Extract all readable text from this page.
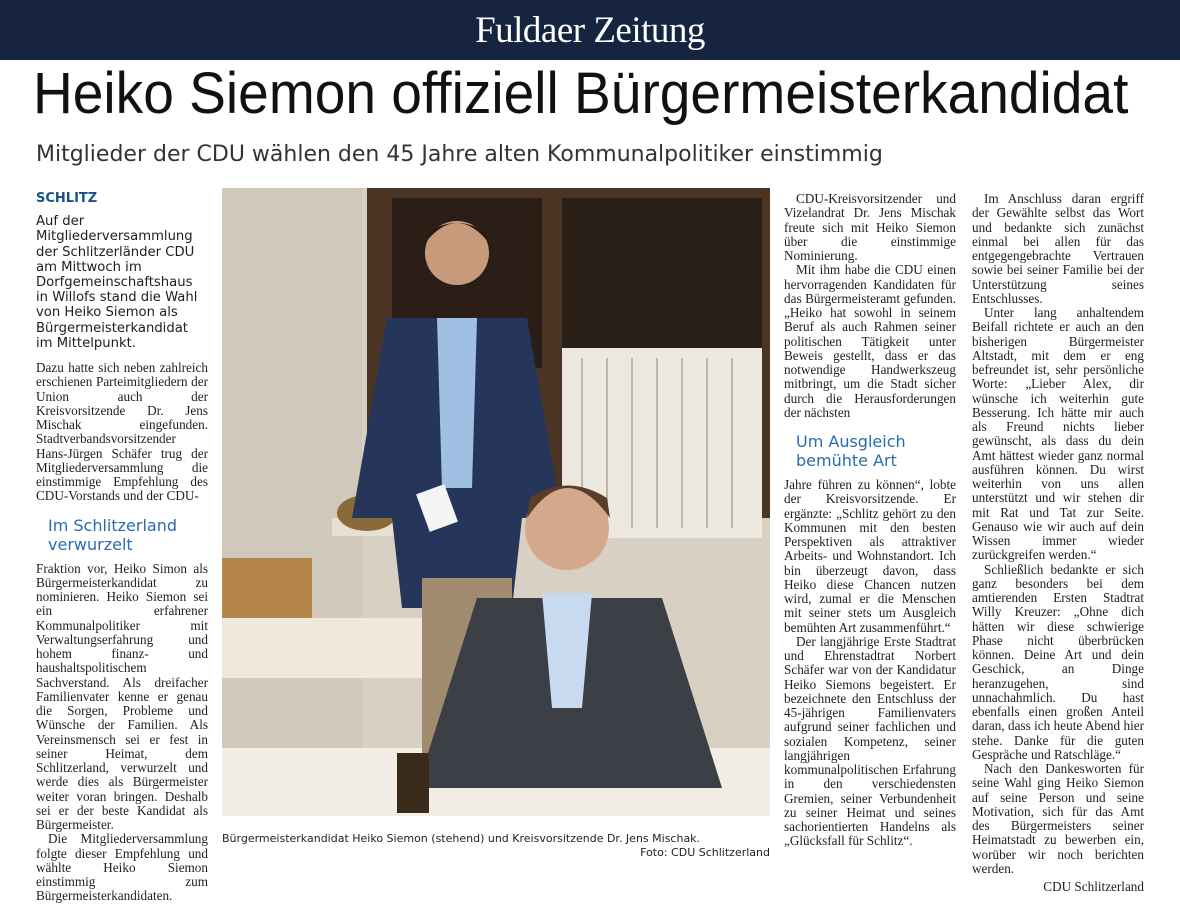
Fuldaer Zeitung
Heiko Siemon offiziell Bürgermeisterkandidat
Mitglieder der CDU wählen den 45 Jahre alten Kommunalpolitiker einstimmig
SCHLITZ

Auf der Mitgliederversammlung der Schlitzerländer CDU am Mittwoch im Dorfgemeinschaftshaus in Willofs stand die Wahl von Heiko Siemon als Bürgermeisterkandidat im Mittelpunkt.

Dazu hatte sich neben zahlreich erschienen Parteimitgliedern der Union auch der Kreisvorsitzende Dr. Jens Mischak eingefunden. Stadtverbandsvorsitzender Hans-Jürgen Schäfer trug der Mitgliederversammlung die einstimmige Empfehlung des CDU-Vorstands und der CDU-

Im Schlitzerland verwurzelt

Fraktion vor, Heiko Simon als Bürgermeisterkandidat zu nominieren. Heiko Siemon sei ein erfahrener Kommunalpolitiker mit Verwaltungserfahrung und hohem finanz- und haushaltspolitischem Sachverstand. Als dreifacher Familienvater kenne er genau die Sorgen, Probleme und Wünsche der Familien. Als Vereinsmensch sei er fest in seiner Heimat, dem Schlitzerland, verwurzelt und werde dies als Bürgermeister weiter voran bringen. Deshalb sei er der beste Kandidat als Bürgermeister.

Die Mitgliederversammlung folgte dieser Empfehlung und wählte Heiko Siemon einstimmig zum Bürgermeisterkandidaten.

Bürgermeisterkandidat Heiko Siemon (stehend) und Kreisvorsitzende Dr. Jens Mischak.
Foto: CDU Schlitzerland

CDU-Kreisvorsitzender und Vizelandrat Dr. Jens Mischak freute sich mit Heiko Siemon über die einstimmige Nominierung.

Mit ihm habe die CDU einen hervorragenden Kandidaten für das Bürgermeisteramt gefunden. „Heiko hat sowohl in seinem Beruf als auch Rahmen seiner politischen Tätigkeit unter Beweis gestellt, dass er das notwendige Handwerkszeug mitbringt, um die Stadt sicher durch die Herausforderungen der nächsten

Um Ausgleich bemühte Art

Jahre führen zu können“, lobte der Kreisvorsitzende. Er ergänzte: „Schlitz gehört zu den Kommunen mit den besten Perspektiven als attraktiver Arbeits- und Wohnstandort. Ich bin überzeugt davon, dass Heiko diese Chancen nutzen wird, zumal er die Menschen mit seiner stets um Ausgleich bemühten Art zusammenführt.“

Der langjährige Erste Stadtrat und Ehrenstadtrat Norbert Schäfer war von der Kandidatur Heiko Siemons begeistert. Er bezeichnete den Entschluss der 45-jährigen Familienvaters aufgrund seiner fachlichen und sozialen Kompetenz, seiner langjährigen kommunalpolitischen Erfahrung in den verschiedensten Gremien, seiner Verbundenheit zu seiner Heimat und seines sachorientierten Handelns als „Glücksfall für Schlitz“.

Im Anschluss daran ergriff der Gewählte selbst das Wort und bedankte sich zunächst einmal bei allen für das entgegengebrachte Vertrauen sowie bei seiner Familie bei der Unterstützung seines Entschlusses.

Unter lang anhaltendem Beifall richtete er auch an den bisherigen Bürgermeister Altstadt, mit dem er eng befreundet ist, sehr persönliche Worte: „Lieber Alex, dir wünsche ich weiterhin gute Besserung. Ich hätte mir auch als Freund nichts lieber gewünscht, als dass du dein Amt hättest wieder ganz normal ausführen können. Du wirst weiterhin von uns allen unterstützt und wir stehen dir mit Rat und Tat zur Seite. Genauso wie wir auch auf dein Wissen immer wieder zurückgreifen werden.“

Schließlich bedankte er sich ganz besonders bei dem amtierenden Ersten Stadtrat Willy Kreuzer: „Ohne dich hätten wir diese schwierige Phase nicht überbrücken können. Deine Art und dein Geschick, an Dinge heranzugehen, sind unnachahmlich. Du hast ebenfalls einen großen Anteil daran, dass ich heute Abend hier stehe. Danke für die guten Gespräche und Ratschläge.“

Nach den Dankesworten für seine Wahl ging Heiko Siemon auf seine Person und seine Motivation, sich für das Amt des Bürgermeisters seiner Heimatstadt zu bewerben ein, worüber wir noch berichten werden.

CDU Schlitzerland
